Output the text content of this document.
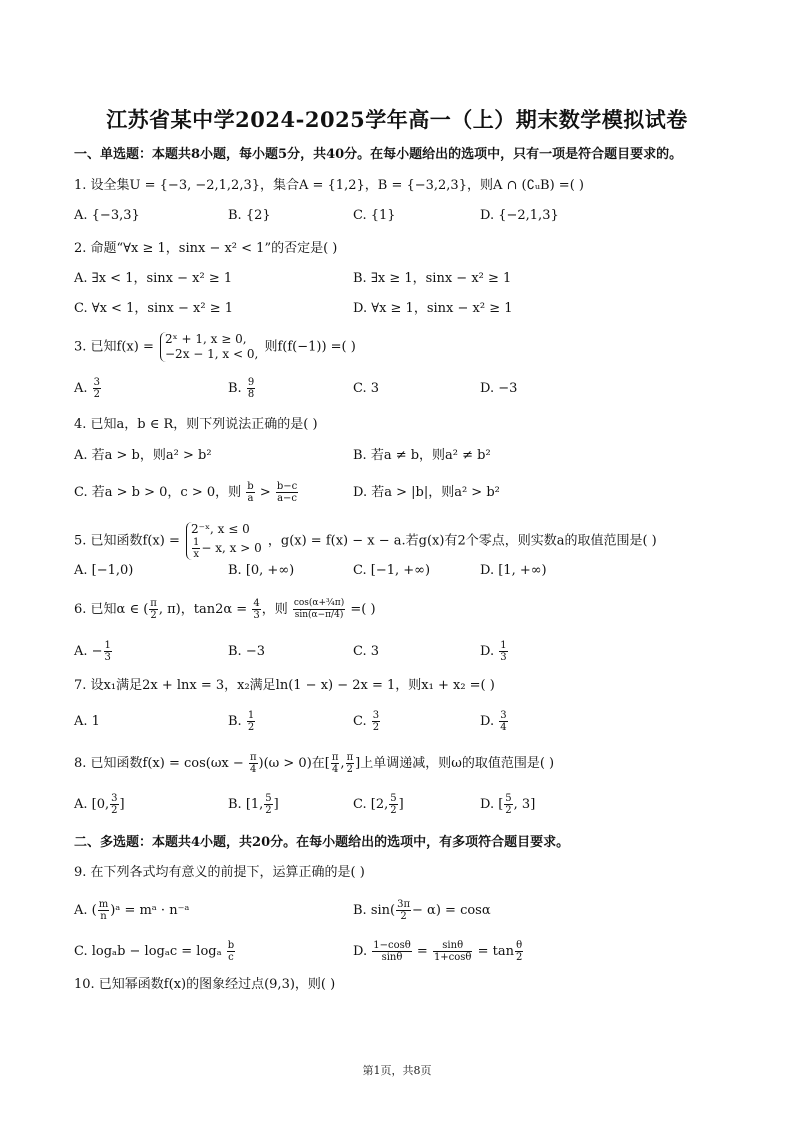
江苏省某中学2024-2025学年高一（上）期末数学模拟试卷
一、单选题：本题共8小题，每小题5分，共40分。在每小题给出的选项中，只有一项是符合题目要求的。
1. 设全集U = {−3, −2,1,2,3}，集合A = {1,2}，B = {−3,2,3}，则A ∩ (∁ᵤB) =( )
A. {−3,3}	B. {2}	C. {1}	D. {−2,1,3}
2. 命题“∀x ≥ 1，sinx − x² < 1”的否定是( )
A. ∃x < 1，sinx − x² ≥ 1	B. ∃x ≥ 1，sinx − x² ≥ 1
C. ∀x < 1，sinx − x² ≥ 1	D. ∀x ≥ 1，sinx − x² ≥ 1
3. 已知f(x) =
2ˣ + 1, x ≥ 0,
−2x − 1, x < 0, 则f(f(−1)) =( )
A. $\frac{3}{2}$	B. $\frac{9}{8}$	C. 3	D. −3
4. 已知a，b ∈ R，则下列说法正确的是( )
A. 若a > b，则a² > b²	B. 若a ≠ b，则a² ≠ b²
C. 若a > b > 0，c > 0，则 $\frac{b}{a} > \frac{b-c}{a-c}$	D. 若a > |b|，则a² > b²
5. 已知函数f(x) =
2⁻ˣ, x ≤ 0
$\frac{1}{x} - x$, x > 0 ，g(x) = f(x) − x − a.若g(x)有2个零点，则实数a的取值范围是( )
A. [−1,0)	B. [0, +∞)	C. [−1, +∞)	D. [1, +∞)
6. 已知α ∈ ( $\frac{\pi}{2}$ , π)，$\tan 2\alpha = \frac{4}{3}$ ，则 $\frac{\text{cos(α+¾π)}}{\sin(\alpha-\pi/4)}$ =( )
A. − $\frac{1}{3}$	B. −3	C. 3	D. $\frac{1}{3}$
7. 设x₁满足2x + lnx = 3，x₂满足ln(1 − x) − 2x = 1，则x₁ + x₂ =( )
A. 1	B. $\frac{1}{2}$	C. $\frac{3}{2}$	D. $\frac{3}{4}$
8. 已知函数$f(x) = \cos(\omega x - \frac{\pi}{4} )(\omega > 0)$在[ $\frac{\pi}{4}$ , $\frac{\pi}{2}$ ]上单调递减，则ω的取值范围是( )
A. [0, $\frac{3}{2}$ ]	B. [1, $\frac{5}{2}$ ]	C. [2, $\frac{5}{2}$ ]	D. [ $\frac{5}{2}$ , 3]
二、多选题：本题共4小题，共20分。在每小题给出的选项中，有多项符合题目要求。
9. 在下列各式均有意义的前提下，运算正确的是( )
A. ( $\frac{m}{n}$ )ᵃ = mᵃ · n⁻ᵃ	B. $\sin( \frac{3\pi}{2} - \alpha) = \cos\alpha$
C. logₐb − logₐc = logₐ $\frac{b}{c}$	D. $\frac{1-\cos\theta}{\sin\theta} = \frac{\sin\theta}{1+\cos\theta} = \tan \frac{\theta}{2}$
10. 已知幂函数f(x)的图象经过点(9,3)，则( )
第1页，共8页
